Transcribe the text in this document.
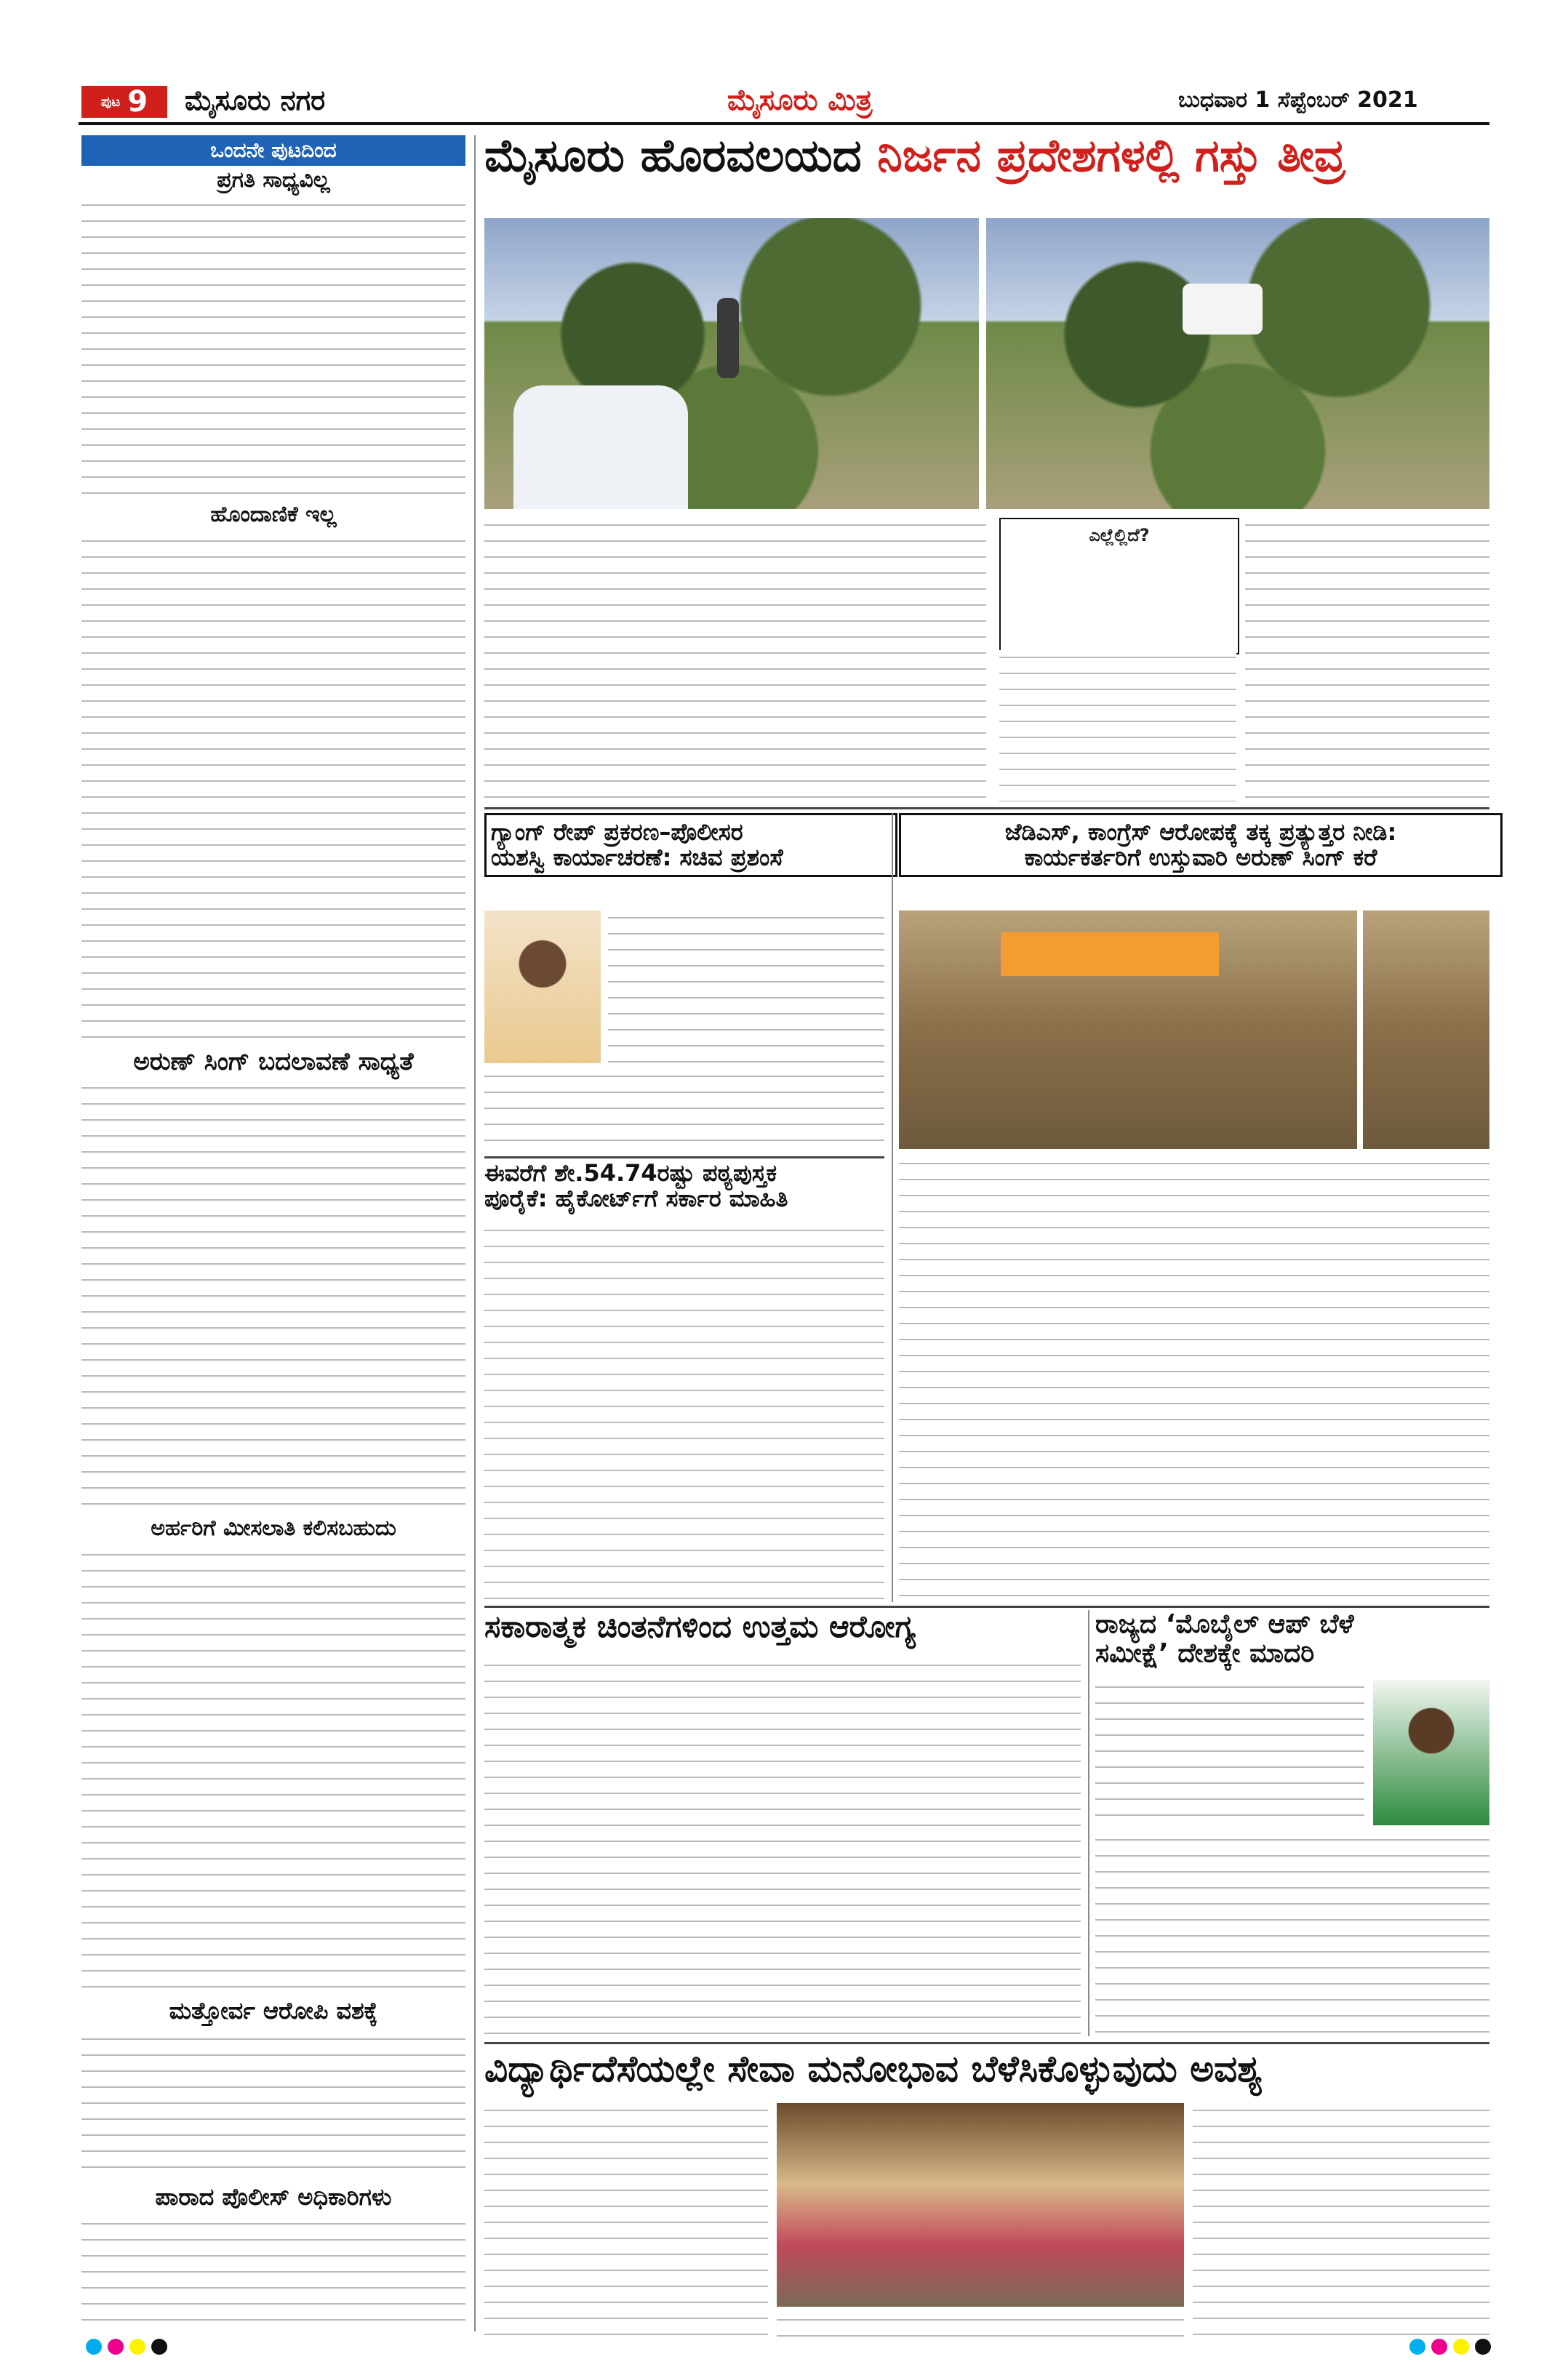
ಪುಟ 9 ಮೈಸೂರು ನಗರ	ಮೈಸೂರು ಮಿತ್ರ	ಬುಧವಾರ 1 ಸೆಪ್ಟೆಂಬರ್ 2021
ಒಂದನೇ ಪುಟದಿಂದ
ಪ್ರಗತಿ ಸಾಧ್ಯವಿಲ್ಲ
ಹೊಂದಾಣಿಕೆ ಇಲ್ಲ
ಅರುಣ್ ಸಿಂಗ್ ಬದಲಾವಣೆ ಸಾಧ್ಯತೆ
ಅರ್ಹರಿಗೆ ಮೀಸಲಾತಿ ಕಲಿಸಬಹುದು
ಮತ್ತೋರ್ವ ಆರೋಪಿ ವಶಕ್ಕೆ
ಪಾರಾದ ಪೊಲೀಸ್ ಅಧಿಕಾರಿಗಳು
ಮೈಸೂರು ಹೊರವಲಯದ ನಿರ್ಜನ ಪ್ರದೇಶಗಳಲ್ಲಿ ಗಸ್ತು ತೀವ್ರ
ಎಲ್ಲೆಲ್ಲಿದೆ?
ಗ್ಯಾಂಗ್ ರೇಪ್ ಪ್ರಕರಣ–ಪೊಲೀಸರ
ಯಶಸ್ವಿ ಕಾರ್ಯಾಚರಣೆ: ಸಚಿವ ಪ್ರಶಂಸೆ
ಜೆಡಿಎಸ್, ಕಾಂಗ್ರೆಸ್ ಆರೋಪಕ್ಕೆ ತಕ್ಕ ಪ್ರತ್ಯುತ್ತರ ನೀಡಿ:
ಕಾರ್ಯಕರ್ತರಿಗೆ ಉಸ್ತುವಾರಿ ಅರುಣ್ ಸಿಂಗ್ ಕರೆ
ಈವರೆಗೆ ಶೇ.54.74ರಷ್ಟು ಪಠ್ಯಪುಸ್ತಕ
ಪೂರೈಕೆ: ಹೈಕೋರ್ಟ್‌ಗೆ ಸರ್ಕಾರ ಮಾಹಿತಿ
ಸಕಾರಾತ್ಮಕ ಚಿಂತನೆಗಳಿಂದ ಉತ್ತಮ ಆರೋಗ್ಯ	ರಾಜ್ಯದ ‘ಮೊಬೈಲ್ ಆಪ್ ಬೆಳೆ
ಸಮೀಕ್ಷೆ’ ದೇಶಕ್ಕೇ ಮಾದರಿ
ವಿದ್ಯಾರ್ಥಿದೆಸೆಯಲ್ಲೇ ಸೇವಾ ಮನೋಭಾವ ಬೆಳೆಸಿಕೊಳ್ಳುವುದು ಅವಶ್ಯ
